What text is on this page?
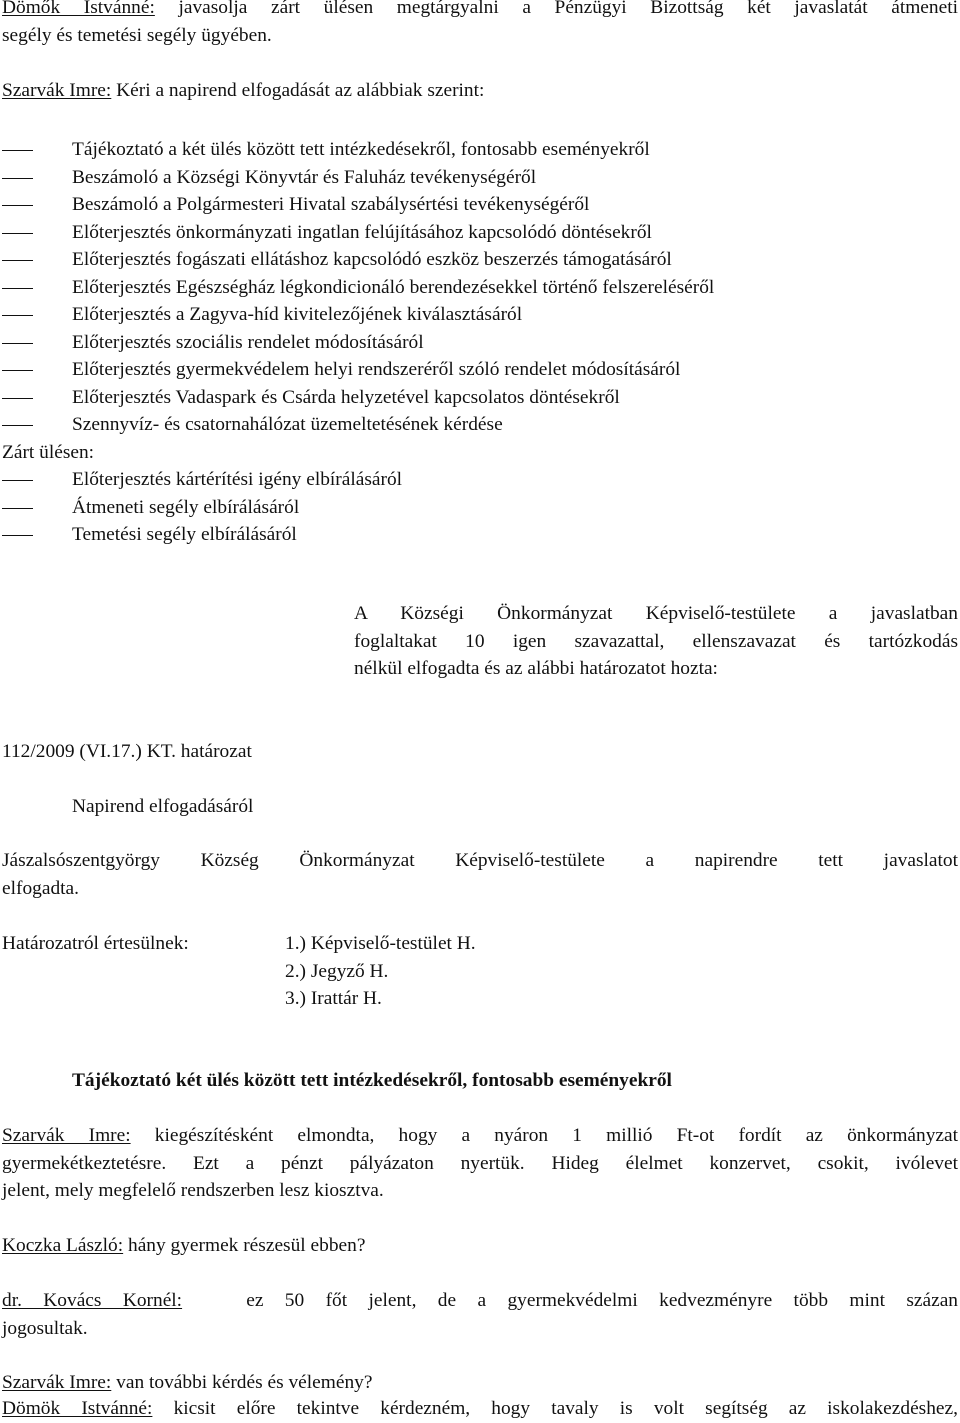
Dömők Istvánné: javasolja zárt ülésen megtárgyalni a Pénzügyi Bizottság két javaslatát átmeneti
segély és temetési segély ügyében.
Szarvák Imre: Kéri a napirend elfogadását az alábbiak szerint:
Tájékoztató a két ülés között tett intézkedésekről, fontosabb eseményekről
Beszámoló a Községi Könyvtár és Faluház tevékenységéről
Beszámoló a Polgármesteri Hivatal szabálysértési tevékenységéről
Előterjesztés önkormányzati ingatlan felújításához kapcsolódó döntésekről
Előterjesztés fogászati ellátáshoz kapcsolódó eszköz beszerzés támogatásáról
Előterjesztés Egészségház légkondicionáló berendezésekkel történő felszereléséről
Előterjesztés a Zagyva-híd kivitelezőjének kiválasztásáról
Előterjesztés szociális rendelet módosításáról
Előterjesztés gyermekvédelem helyi rendszeréről szóló rendelet módosításáról
Előterjesztés Vadaspark és Csárda helyzetével kapcsolatos döntésekről
Szennyvíz- és csatornahálózat üzemeltetésének kérdése
Zárt ülésen:
Előterjesztés kártérítési igény elbírálásáról
Átmeneti segély elbírálásáról
Temetési segély elbírálásáról
A Községi Önkormányzat Képviselő-testülete a javaslatban
foglaltakat 10 igen szavazattal, ellenszavazat és tartózkodás
nélkül elfogadta és az alábbi határozatot hozta:
112/2009 (VI.17.) KT. határozat
Napirend elfogadásáról
Jászalsószentgyörgy Község Önkormányzat Képviselő-testülete a napirendre tett javaslatot
elfogadta.
Határozatról értesülnek:	1.) Képviselő-testület H.
2.) Jegyző H.
3.) Irattár H.
Tájékoztató két ülés között tett intézkedésekről, fontosabb eseményekről
Szarvák Imre: kiegészítésként elmondta, hogy a nyáron 1 millió Ft-ot fordít az önkormányzat
gyermekétkeztetésre. Ezt a pénzt pályázaton nyertük. Hideg élelmet konzervet, csokit, ivólevet
jelent, mely megfelelő rendszerben lesz kiosztva.
Koczka László: hány gyermek részesül ebben?
dr. Kovács Kornél:	ez 50 főt jelent, de a gyermekvédelmi kedvezményre több mint százan
jogosultak.
Szarvák Imre: van további kérdés és vélemény?
Dömök Istvánné: kicsit előre tekintve kérdezném, hogy tavaly is volt segítség az iskolakezdéshez,
